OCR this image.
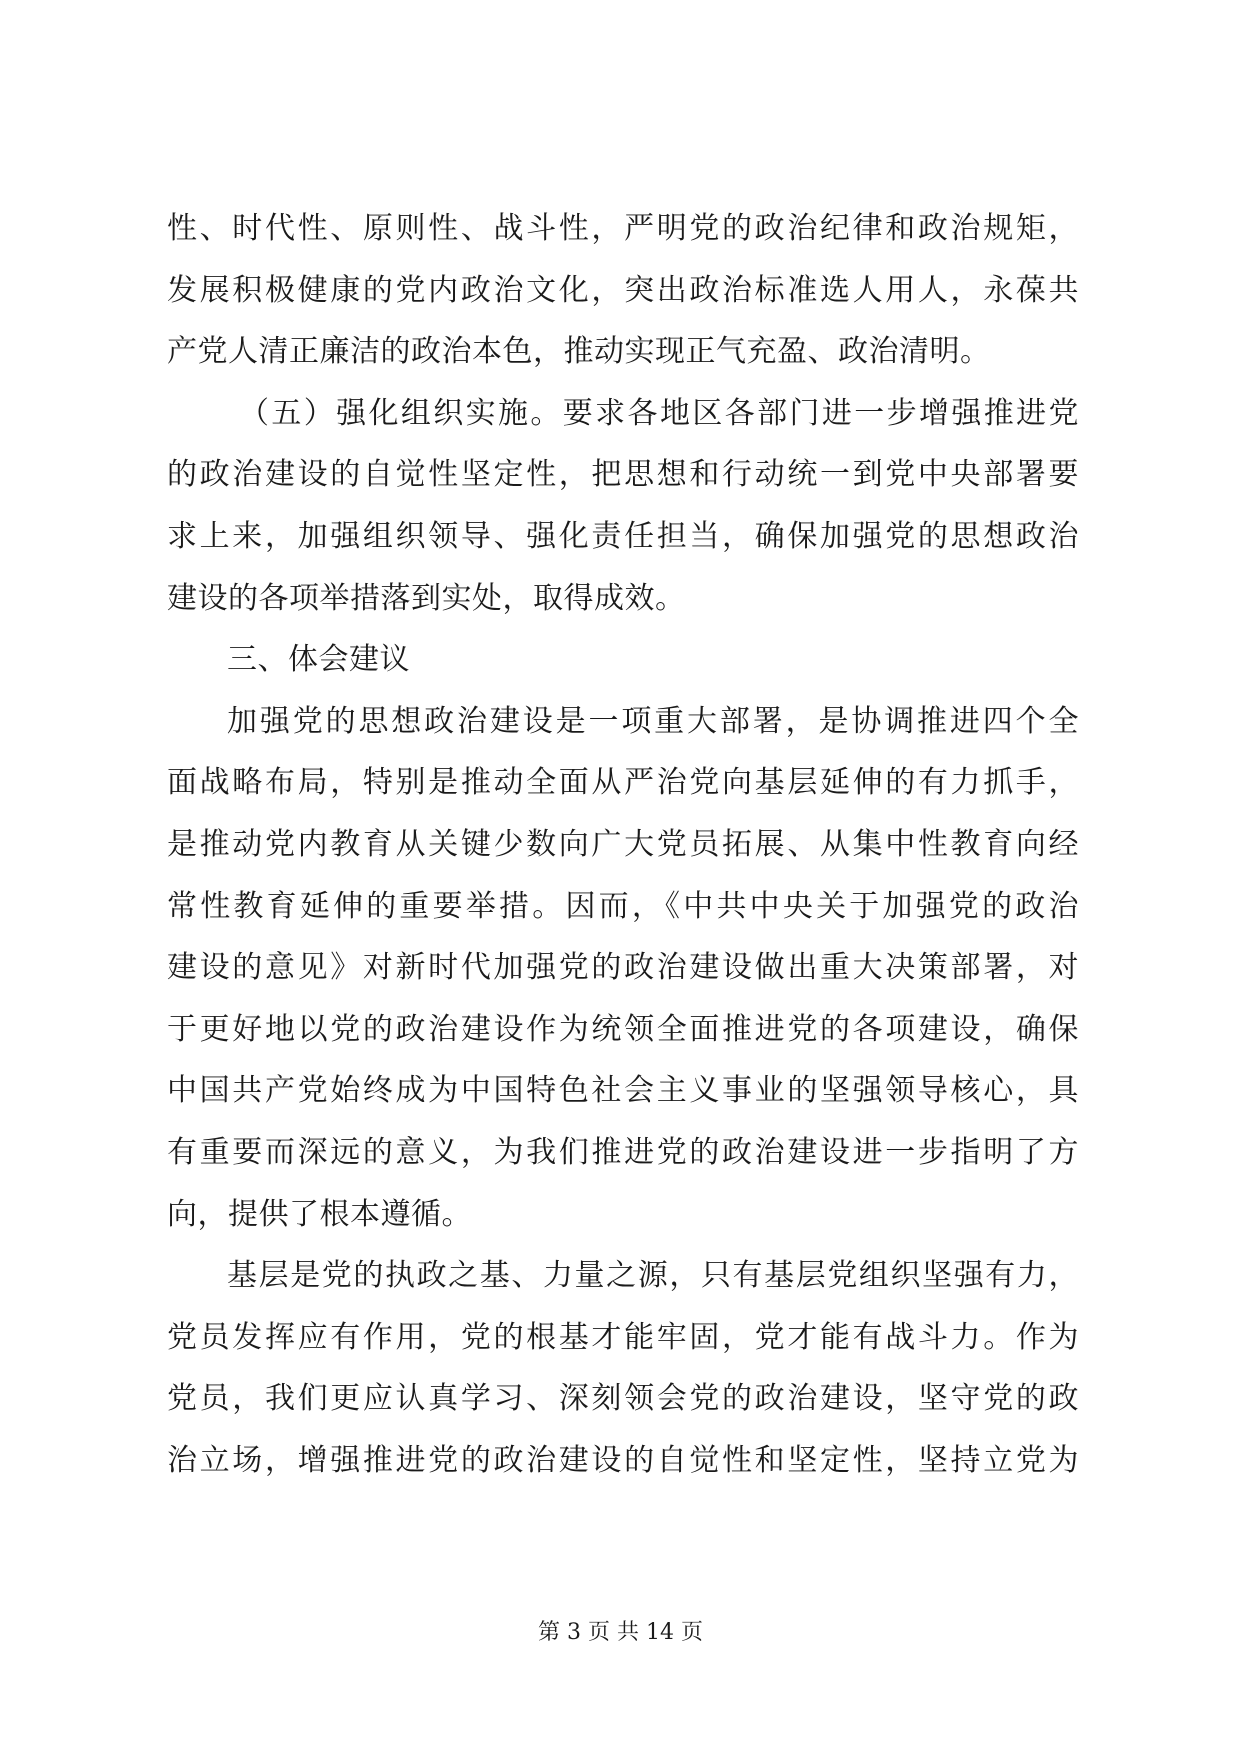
性、时代性、原则性、战斗性，严明党的政治纪律和政治规矩，
发展积极健康的党内政治文化，突出政治标准选人用人，永葆共
产党人清正廉洁的政治本色，推动实现正气充盈、政治清明。
（五）强化组织实施。要求各地区各部门进一步增强推进党
的政治建设的自觉性坚定性，把思想和行动统一到党中央部署要
求上来，加强组织领导、强化责任担当，确保加强党的思想政治
建设的各项举措落到实处，取得成效。
三、体会建议
加强党的思想政治建设是一项重大部署，是协调推进四个全
面战略布局，特别是推动全面从严治党向基层延伸的有力抓手，
是推动党内教育从关键少数向广大党员拓展、从集中性教育向经
常性教育延伸的重要举措。因而，《中共中央关于加强党的政治
建设的意见》对新时代加强党的政治建设做出重大决策部署，对
于更好地以党的政治建设作为统领全面推进党的各项建设，确保
中国共产党始终成为中国特色社会主义事业的坚强领导核心，具
有重要而深远的意义，为我们推进党的政治建设进一步指明了方
向，提供了根本遵循。
基层是党的执政之基、力量之源，只有基层党组织坚强有力，
党员发挥应有作用，党的根基才能牢固，党才能有战斗力。作为
党员，我们更应认真学习、深刻领会党的政治建设，坚守党的政
治立场，增强推进党的政治建设的自觉性和坚定性，坚持立党为
第 3 页 共 14 页
